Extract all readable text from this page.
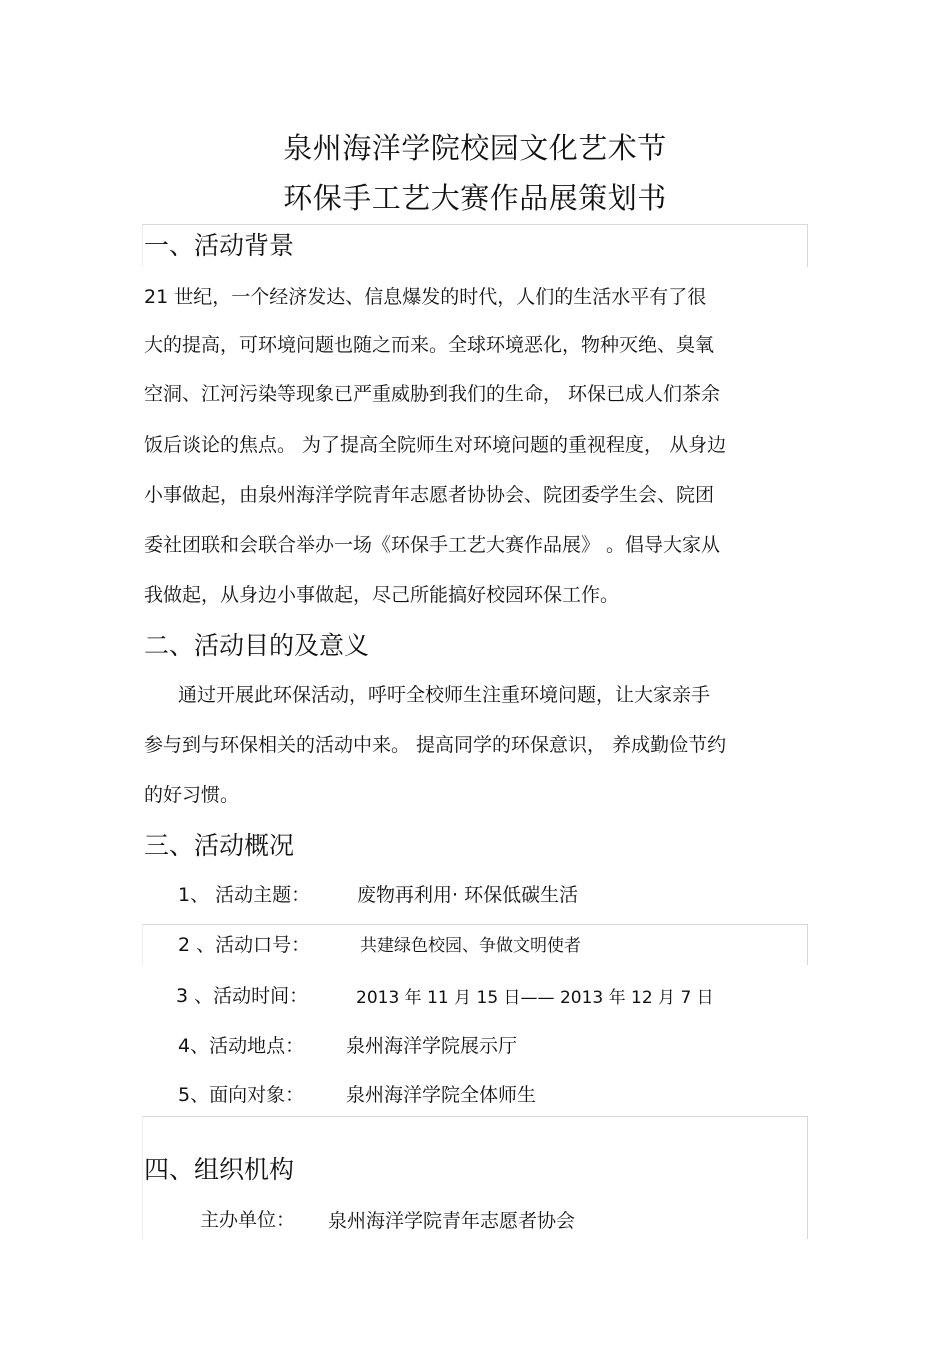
泉州海洋学院校园文化艺术节
环保手工艺大赛作品展策划书
一、活动背景
21 世纪，一个经济发达、信息爆发的时代，人们的生活水平有了很
大的提高，可环境问题也随之而来。全球环境恶化，物种灭绝、臭氧
空洞、江河污染等现象已严重威胁到我们的生命， 环保已成人们茶余
饭后谈论的焦点。 为了提高全院师生对环境问题的重视程度， 从身边
小事做起，由泉州海洋学院青年志愿者协协会、院团委学生会、院团
委社团联和会联合举办一场《环保手工艺大赛作品展》 。倡导大家从
我做起，从身边小事做起，尽己所能搞好校园环保工作。
二、活动目的及意义
通过开展此环保活动，呼吁全校师生注重环境问题，让大家亲手
参与到与环保相关的活动中来。 提高同学的环保意识， 养成勤俭节约
的好习惯。
三、活动概况
1、 活动主题： 废物再利用· 环保低碳生活
2 、活动口号：	共建绿色校园、争做文明使者
3 、活动时间：	2013 年 11 月 15 日—— 2013 年 12 月 7 日
4、活动地点： 泉州海洋学院展示厅
5、面向对象： 泉州海洋学院全体师生
四、组织机构
主办单位： 泉州海洋学院青年志愿者协会
